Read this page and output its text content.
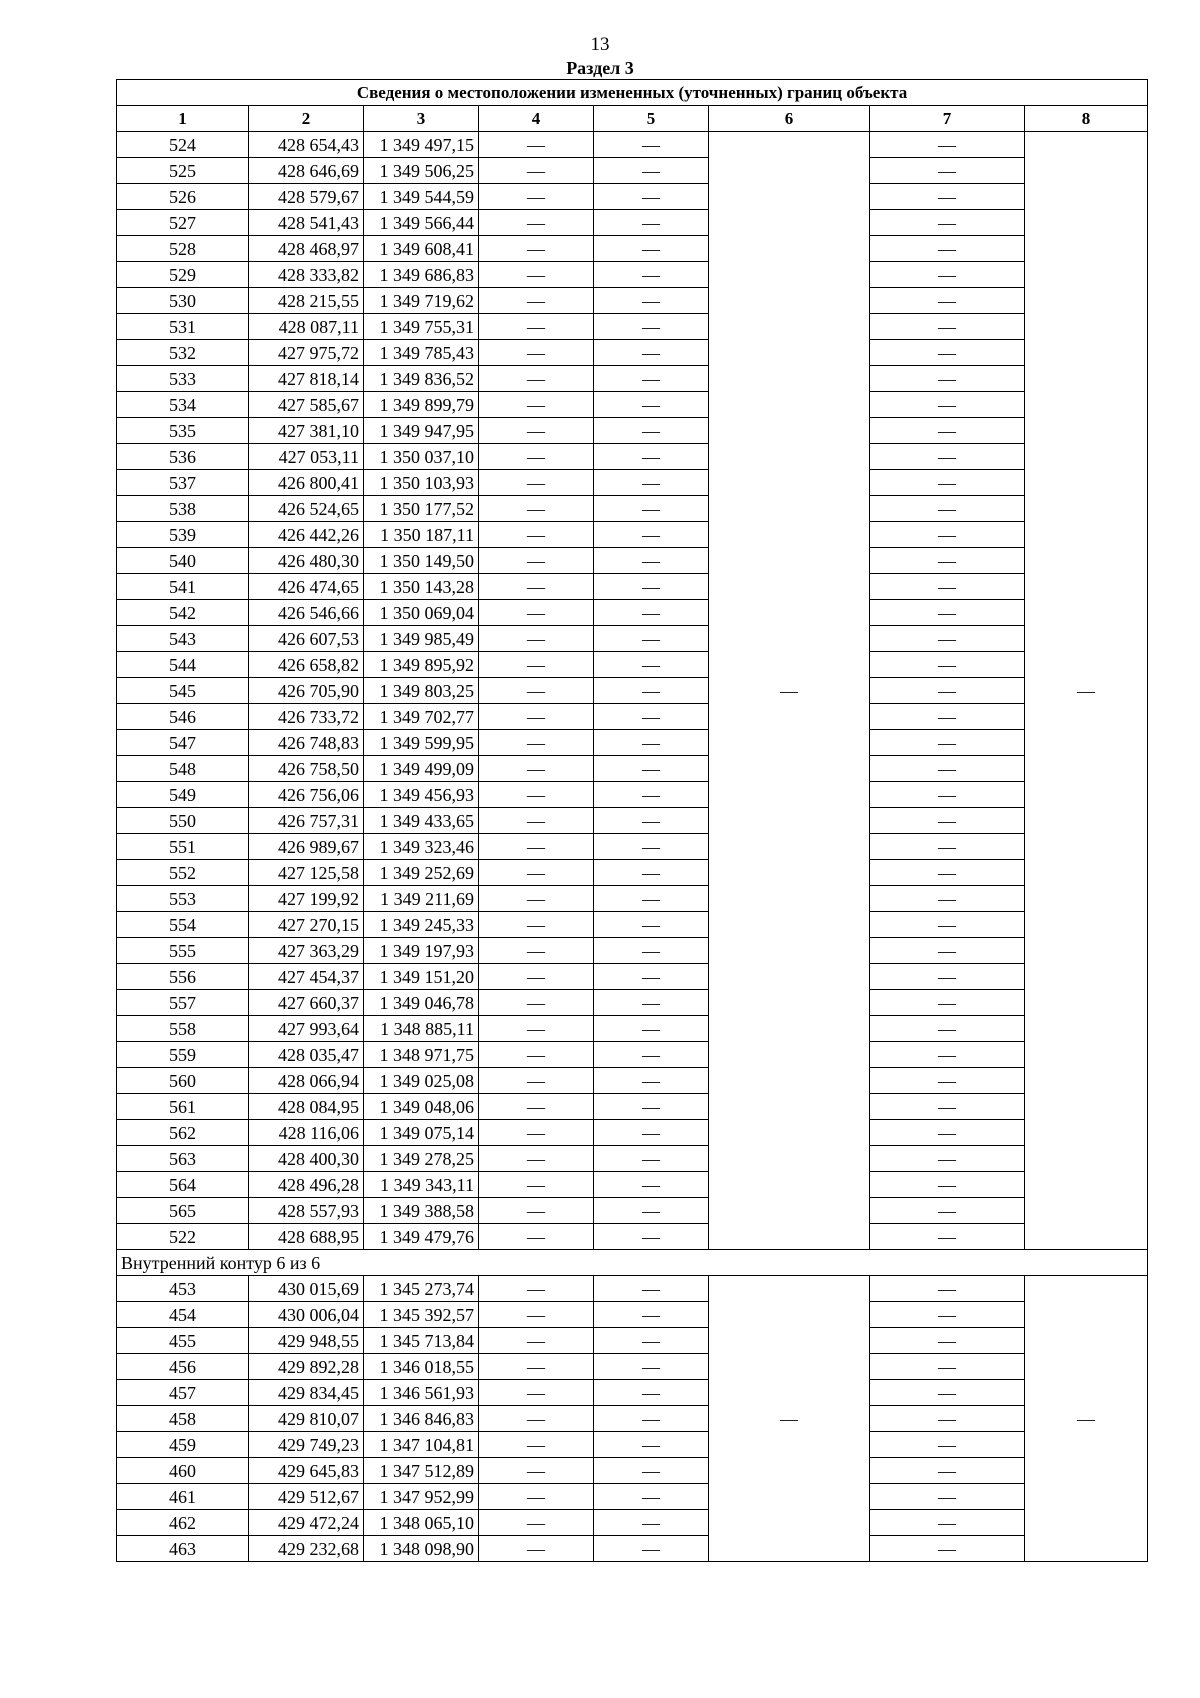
13
Раздел 3
Сведения о местоположении измененных (уточненных) границ объекта							
1	2	3	4	5	6	7	8
524	428 654,43	1 349 497,15	—	—	—	—	—
525	428 646,69	1 349 506,25	—	—		—	
526	428 579,67	1 349 544,59	—	—		—	
527	428 541,43	1 349 566,44	—	—		—	
528	428 468,97	1 349 608,41	—	—		—	
529	428 333,82	1 349 686,83	—	—		—	
530	428 215,55	1 349 719,62	—	—		—	
531	428 087,11	1 349 755,31	—	—		—	
532	427 975,72	1 349 785,43	—	—		—	
533	427 818,14	1 349 836,52	—	—		—	
534	427 585,67	1 349 899,79	—	—		—	
535	427 381,10	1 349 947,95	—	—		—	
536	427 053,11	1 350 037,10	—	—		—	
537	426 800,41	1 350 103,93	—	—		—	
538	426 524,65	1 350 177,52	—	—		—	
539	426 442,26	1 350 187,11	—	—		—	
540	426 480,30	1 350 149,50	—	—		—	
541	426 474,65	1 350 143,28	—	—		—	
542	426 546,66	1 350 069,04	—	—		—	
543	426 607,53	1 349 985,49	—	—		—	
544	426 658,82	1 349 895,92	—	—		—	
545	426 705,90	1 349 803,25	—	—		—	
546	426 733,72	1 349 702,77	—	—		—	
547	426 748,83	1 349 599,95	—	—		—	
548	426 758,50	1 349 499,09	—	—		—	
549	426 756,06	1 349 456,93	—	—		—	
550	426 757,31	1 349 433,65	—	—		—	
551	426 989,67	1 349 323,46	—	—		—	
552	427 125,58	1 349 252,69	—	—		—	
553	427 199,92	1 349 211,69	—	—		—	
554	427 270,15	1 349 245,33	—	—		—	
555	427 363,29	1 349 197,93	—	—		—	
556	427 454,37	1 349 151,20	—	—		—	
557	427 660,37	1 349 046,78	—	—		—	
558	427 993,64	1 348 885,11	—	—		—	
559	428 035,47	1 348 971,75	—	—		—	
560	428 066,94	1 349 025,08	—	—		—	
561	428 084,95	1 349 048,06	—	—		—	
562	428 116,06	1 349 075,14	—	—		—	
563	428 400,30	1 349 278,25	—	—		—	
564	428 496,28	1 349 343,11	—	—		—	
565	428 557,93	1 349 388,58	—	—		—	
522	428 688,95	1 349 479,76	—	—		—	
Внутренний контур 6 из 6							
453	430 015,69	1 345 273,74	—	—	—	—	—
454	430 006,04	1 345 392,57	—	—		—	
455	429 948,55	1 345 713,84	—	—		—	
456	429 892,28	1 346 018,55	—	—		—	
457	429 834,45	1 346 561,93	—	—		—	
458	429 810,07	1 346 846,83	—	—		—	
459	429 749,23	1 347 104,81	—	—		—	
460	429 645,83	1 347 512,89	—	—		—	
461	429 512,67	1 347 952,99	—	—		—	
462	429 472,24	1 348 065,10	—	—		—	
463	429 232,68	1 348 098,90	—	—		—	
